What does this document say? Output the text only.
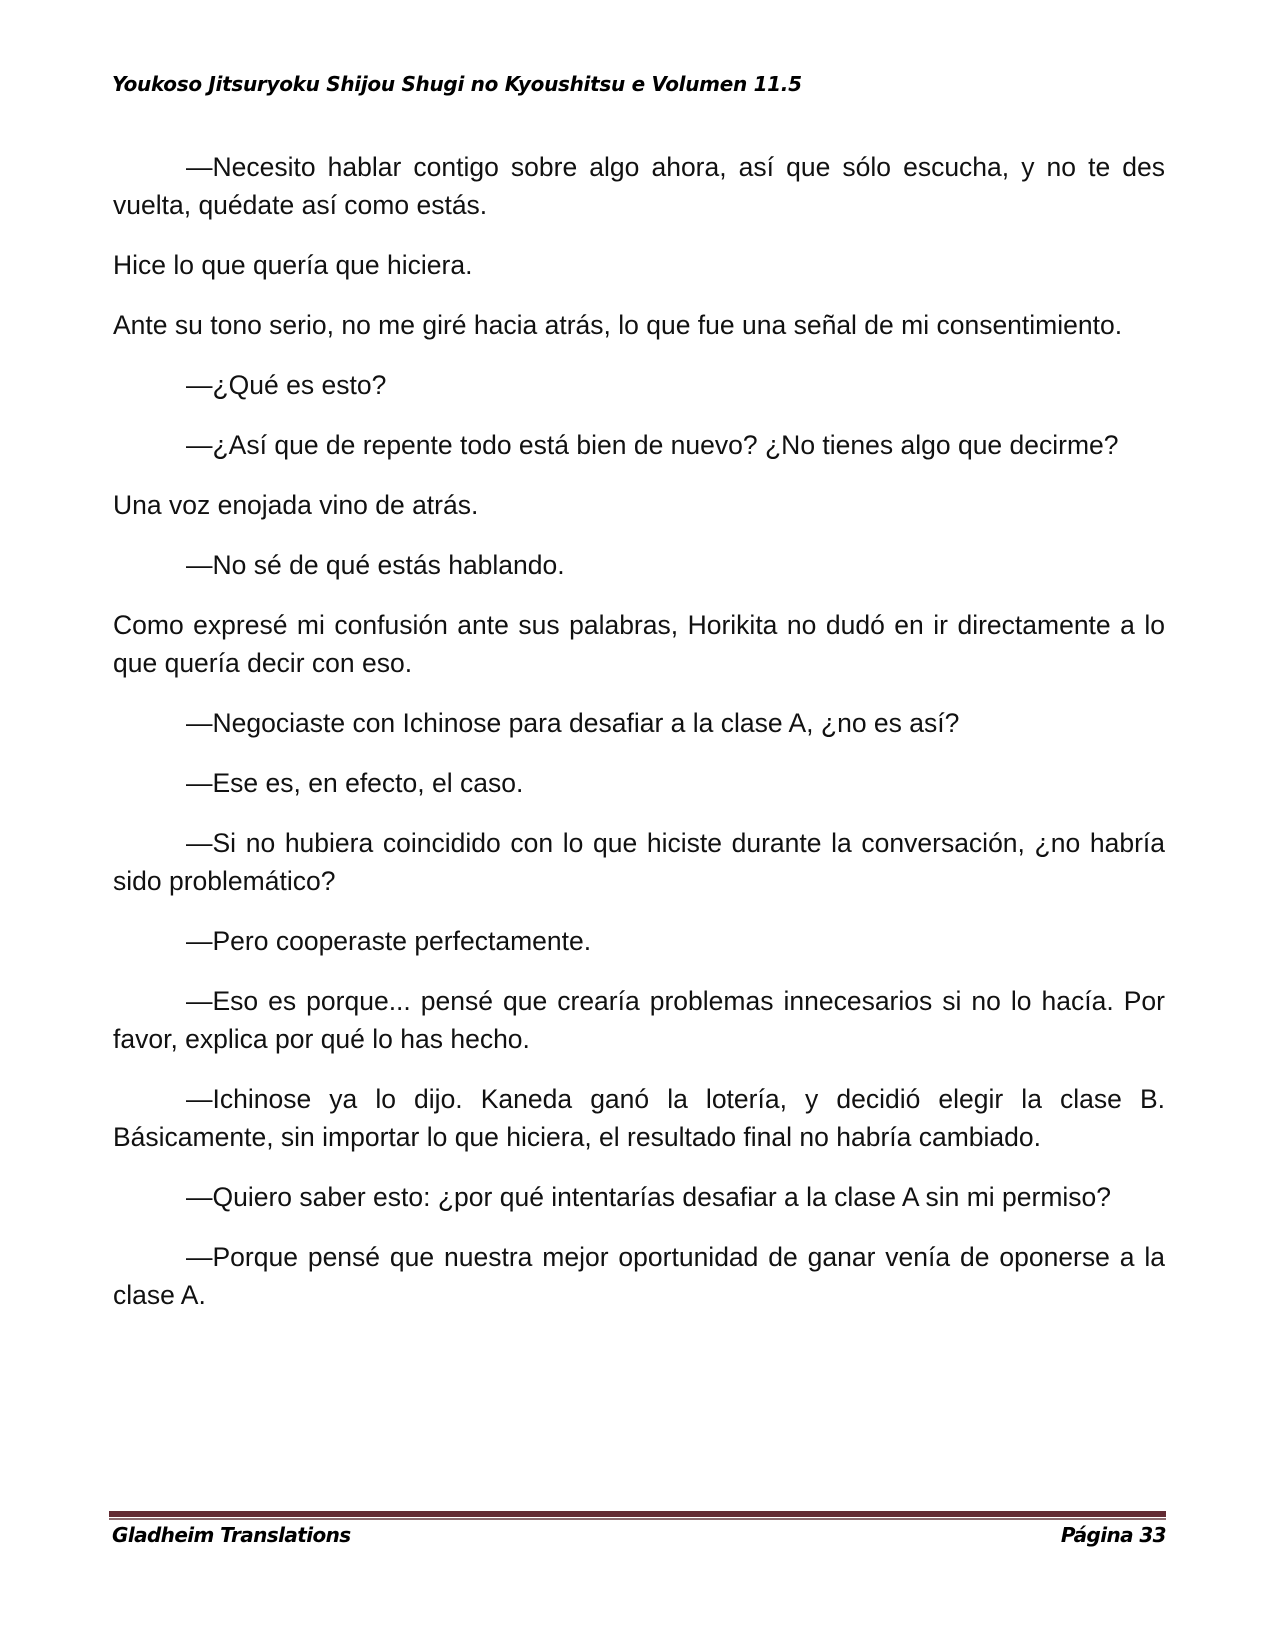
Youkoso Jitsuryoku Shijou Shugi no Kyoushitsu e Volumen 11.5

—Necesito hablar contigo sobre algo ahora, así que sólo escucha, y no te des vuelta, quédate así como estás.

Hice lo que quería que hiciera.

Ante su tono serio, no me giré hacia atrás, lo que fue una señal de mi consentimiento.

—¿Qué es esto?

—¿Así que de repente todo está bien de nuevo? ¿No tienes algo que decirme?

Una voz enojada vino de atrás.

—No sé de qué estás hablando.

Como expresé mi confusión ante sus palabras, Horikita no dudó en ir directamente a lo que quería decir con eso.

—Negociaste con Ichinose para desafiar a la clase A, ¿no es así?

—Ese es, en efecto, el caso.

—Si no hubiera coincidido con lo que hiciste durante la conversación, ¿no habría sido problemático?

—Pero cooperaste perfectamente.

—Eso es porque... pensé que crearía problemas innecesarios si no lo hacía. Por favor, explica por qué lo has hecho.

—Ichinose ya lo dijo. Kaneda ganó la lotería, y decidió elegir la clase B. Básicamente, sin importar lo que hiciera, el resultado final no habría cambiado.

—Quiero saber esto: ¿por qué intentarías desafiar a la clase A sin mi permiso?

—Porque pensé que nuestra mejor oportunidad de ganar venía de oponerse a la clase A.

Gladheim Translations	Página 33
